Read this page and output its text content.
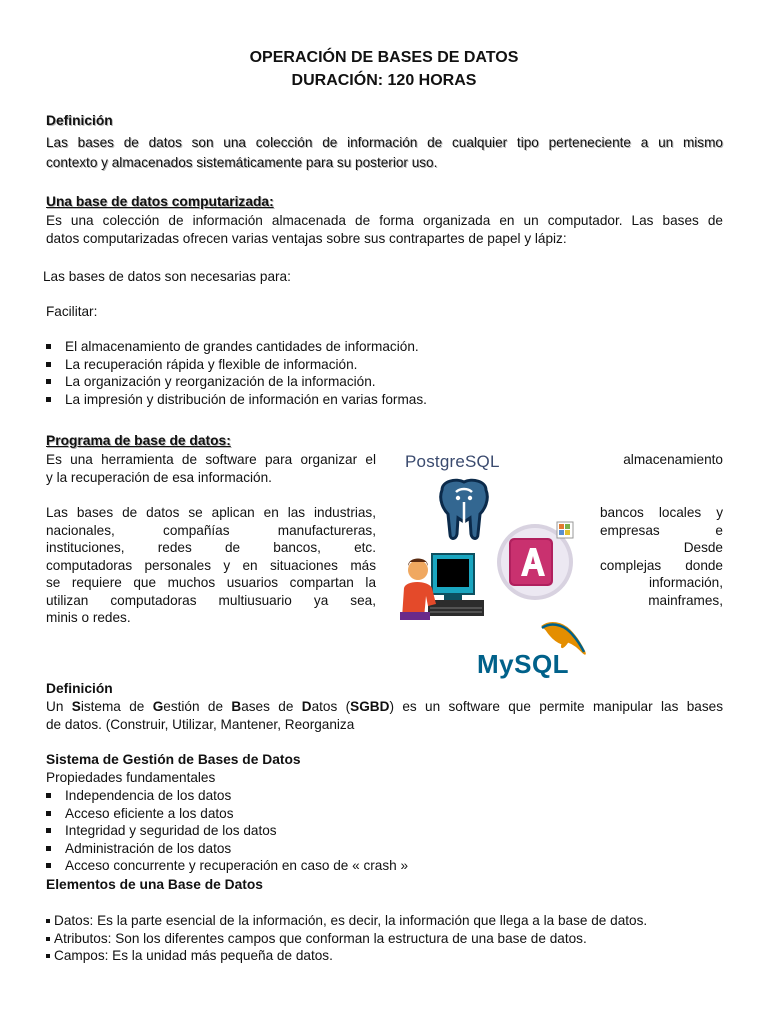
OPERACIÓN DE BASES DE DATOS
DURACIÓN: 120 HORAS
Definición
Las bases de datos son una colección de información de cualquier tipo perteneciente a un mismo
contexto y almacenados sistemáticamente para su posterior uso.
Una base de datos computarizada:
Es una colección de información almacenada de forma organizada en un computador. Las bases de
datos computarizadas ofrecen varias ventajas sobre sus contrapartes de papel y lápiz:
Las bases de datos son necesarias para:
Facilitar:
El almacenamiento de grandes cantidades de información.
La recuperación rápida y flexible de información.
La organización y reorganización de la información.
La impresión y distribución de información en varias formas.
Programa de base de datos:
Es una herramienta de software para organizar el
y la recuperación de esa información.
almacenamiento
Las bases de datos se aplican en las industrias,
nacionales, compañías manufactureras,
instituciones, redes de bancos, etc.
computadoras personales y en situaciones más
se requiere que muchos usuarios compartan la
utilizan computadoras multiusuario ya sea,
minis o redes.
bancos locales y
empresas e
Desde
complejas donde
información,
mainframes,
PostgreSQL
MySQL
Definición
Un Sistema de Gestión de Bases de Datos (SGBD) es un software que permite manipular las bases
de datos. (Construir, Utilizar, Mantener, Reorganiza
Sistema de Gestión de Bases de Datos
Propiedades fundamentales
Independencia de los datos
Acceso eficiente a los datos
Integridad y seguridad de los datos
Administración de los datos
Acceso concurrente y recuperación en caso de « crash »
Elementos de una Base de Datos
Datos: Es la parte esencial de la información, es decir, la información que llega a la base de datos.
Atributos: Son los diferentes campos que conforman la estructura de una base de datos.
Campos: Es la unidad más pequeña de datos.
